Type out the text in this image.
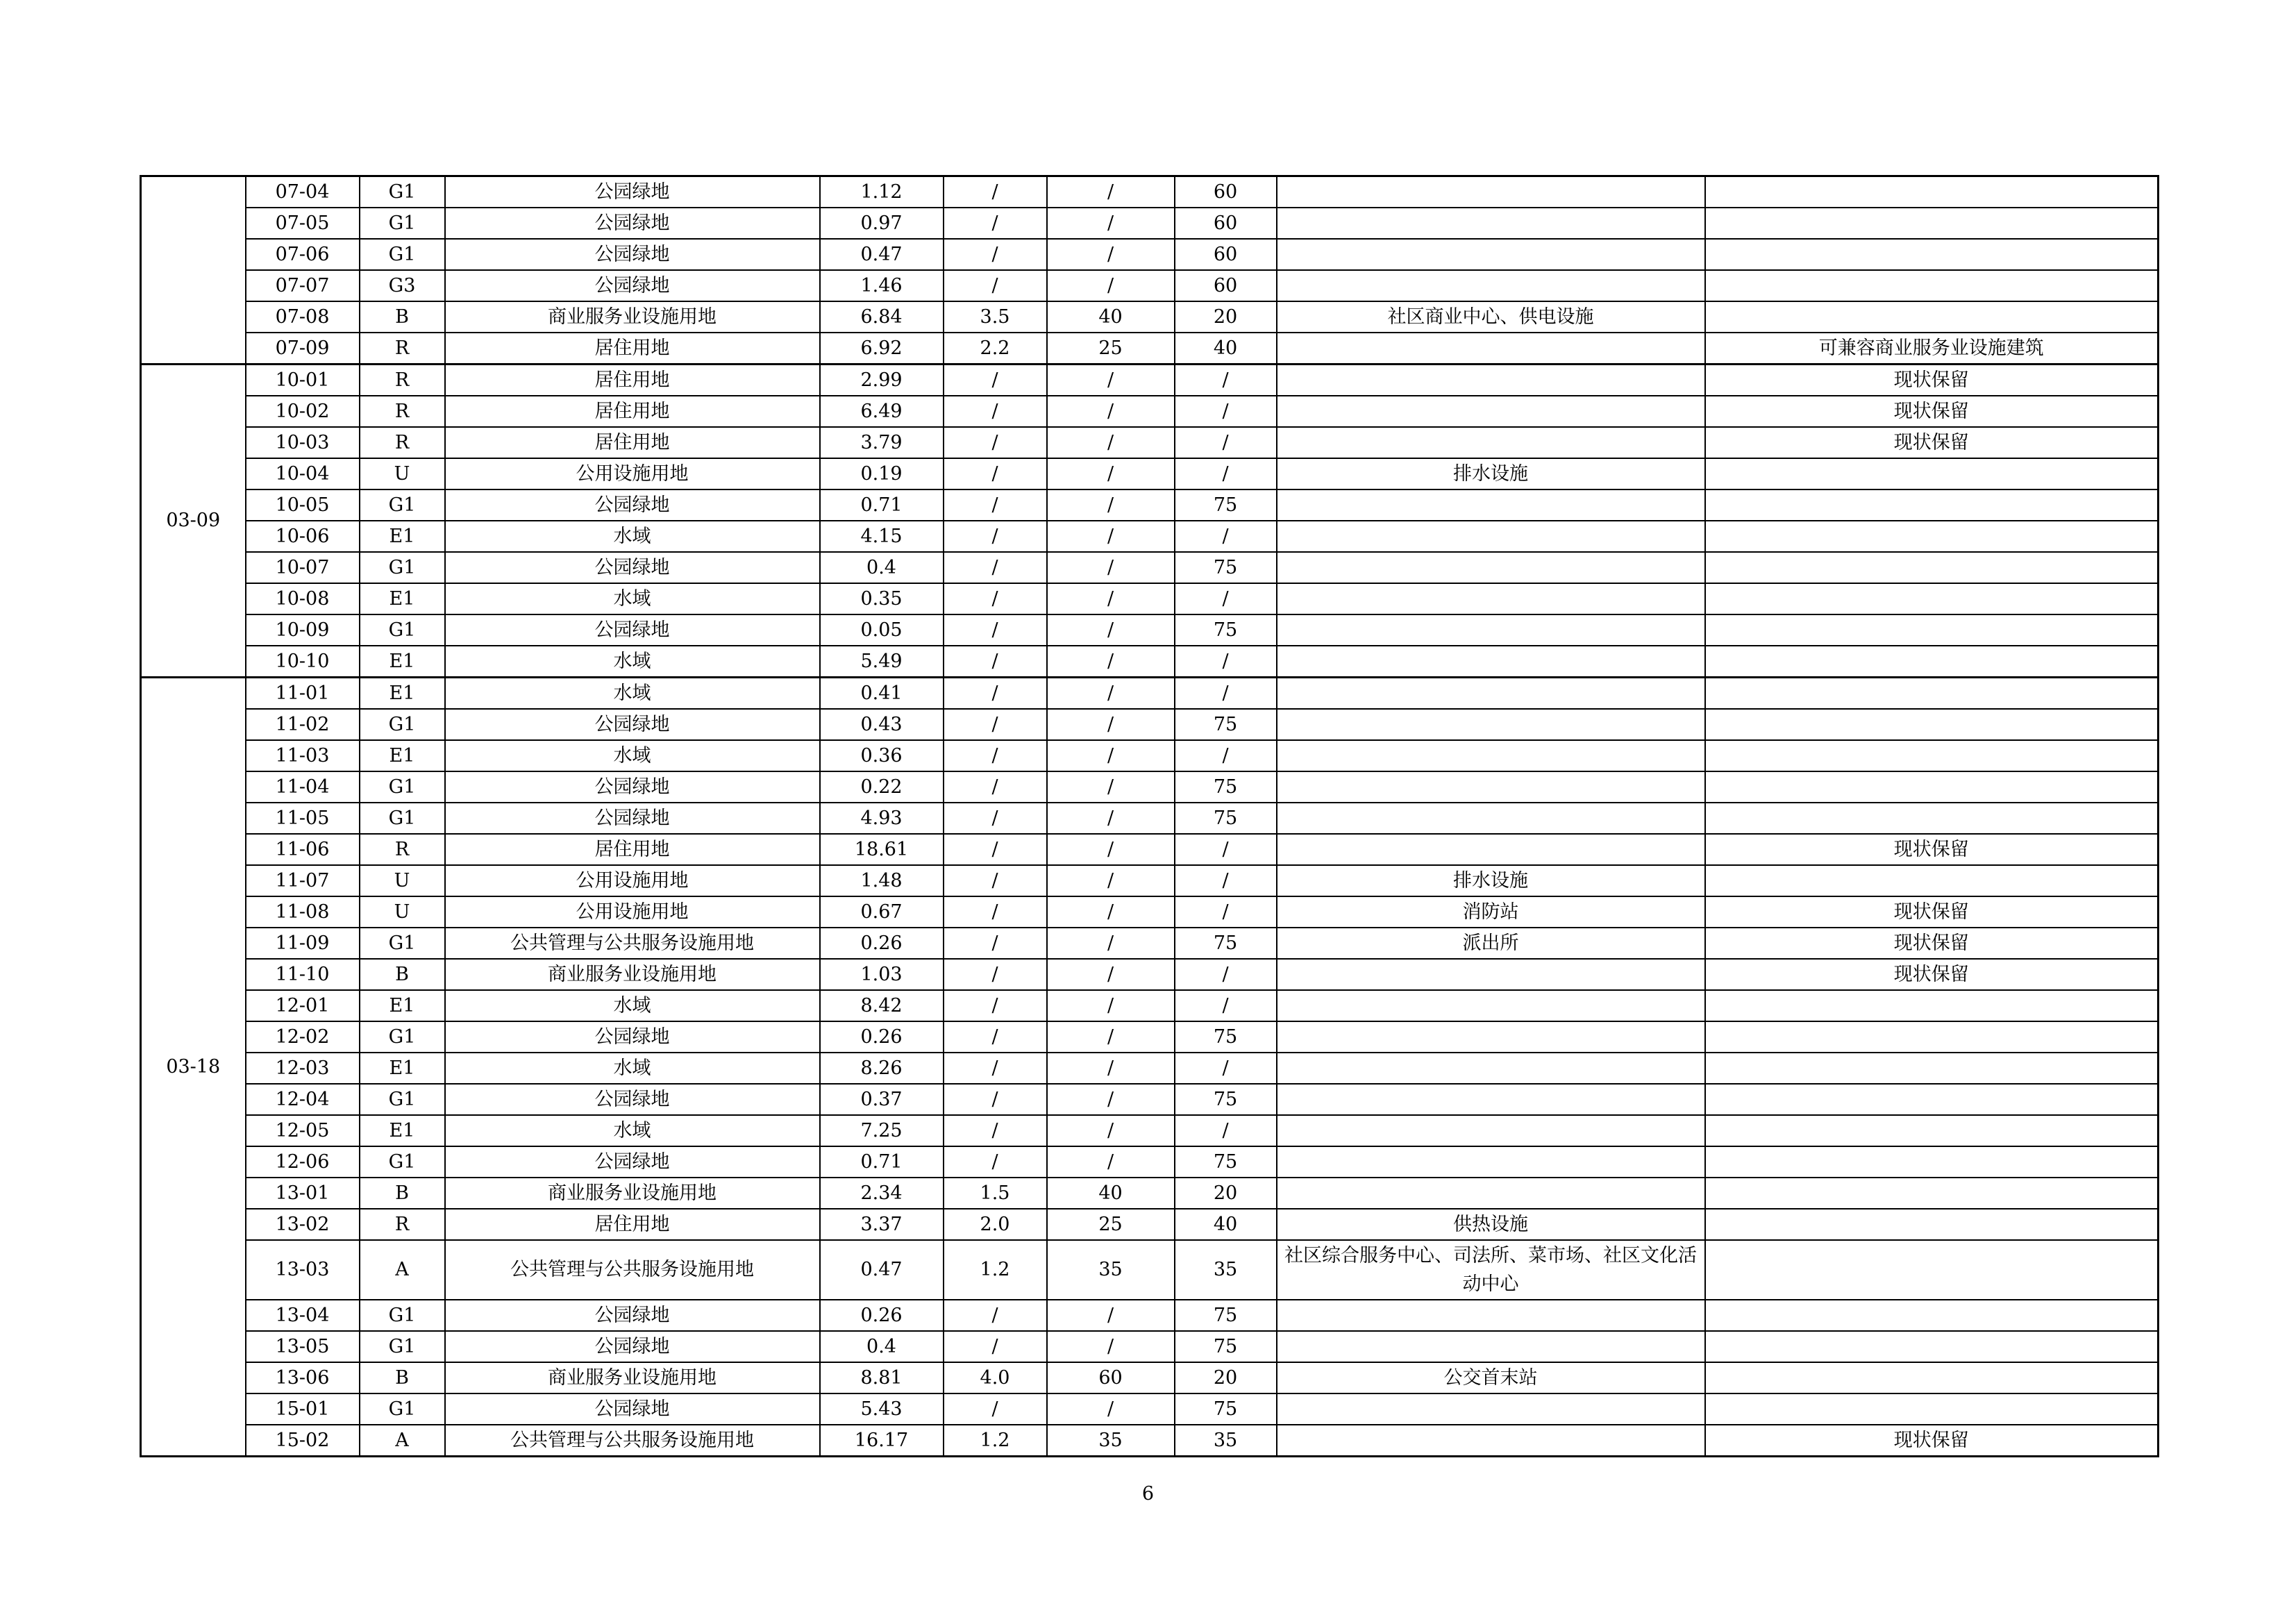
	07-04	G1	公园绿地	1.12	/	/	60		
	07-05	G1	公园绿地	0.97	/	/	60		
	07-06	G1	公园绿地	0.47	/	/	60		
	07-07	G3	公园绿地	1.46	/	/	60		
	07-08	B	商业服务业设施用地	6.84	3.5	40	20	社区商业中心、供电设施	
	07-09	R	居住用地	6.92	2.2	25	40		可兼容商业服务业设施建筑
03-09	10-01	R	居住用地	2.99	/	/	/		现状保留
	10-02	R	居住用地	6.49	/	/	/		现状保留
	10-03	R	居住用地	3.79	/	/	/		现状保留
	10-04	U	公用设施用地	0.19	/	/	/	排水设施	
	10-05	G1	公园绿地	0.71	/	/	75		
	10-06	E1	水域	4.15	/	/	/		
	10-07	G1	公园绿地	0.4	/	/	75		
	10-08	E1	水域	0.35	/	/	/		
	10-09	G1	公园绿地	0.05	/	/	75		
	10-10	E1	水域	5.49	/	/	/		
03-18	11-01	E1	水域	0.41	/	/	/		
	11-02	G1	公园绿地	0.43	/	/	75		
	11-03	E1	水域	0.36	/	/	/		
	11-04	G1	公园绿地	0.22	/	/	75		
	11-05	G1	公园绿地	4.93	/	/	75		
	11-06	R	居住用地	18.61	/	/	/		现状保留
	11-07	U	公用设施用地	1.48	/	/	/	排水设施	
	11-08	U	公用设施用地	0.67	/	/	/	消防站	现状保留
	11-09	G1	公共管理与公共服务设施用地	0.26	/	/	75	派出所	现状保留
	11-10	B	商业服务业设施用地	1.03	/	/	/		现状保留
	12-01	E1	水域	8.42	/	/	/		
	12-02	G1	公园绿地	0.26	/	/	75		
	12-03	E1	水域	8.26	/	/	/		
	12-04	G1	公园绿地	0.37	/	/	75		
	12-05	E1	水域	7.25	/	/	/		
	12-06	G1	公园绿地	0.71	/	/	75		
	13-01	B	商业服务业设施用地	2.34	1.5	40	20		
	13-02	R	居住用地	3.37	2.0	25	40	供热设施	
	13-03	A	公共管理与公共服务设施用地	0.47	1.2	35	35	社区综合服务中心、司法所、菜市场、社区文化活动中心	
	13-04	G1	公园绿地	0.26	/	/	75		
	13-05	G1	公园绿地	0.4	/	/	75		
	13-06	B	商业服务业设施用地	8.81	4.0	60	20	公交首末站	
	15-01	G1	公园绿地	5.43	/	/	75		
	15-02	A	公共管理与公共服务设施用地	16.17	1.2	35	35		现状保留
6
